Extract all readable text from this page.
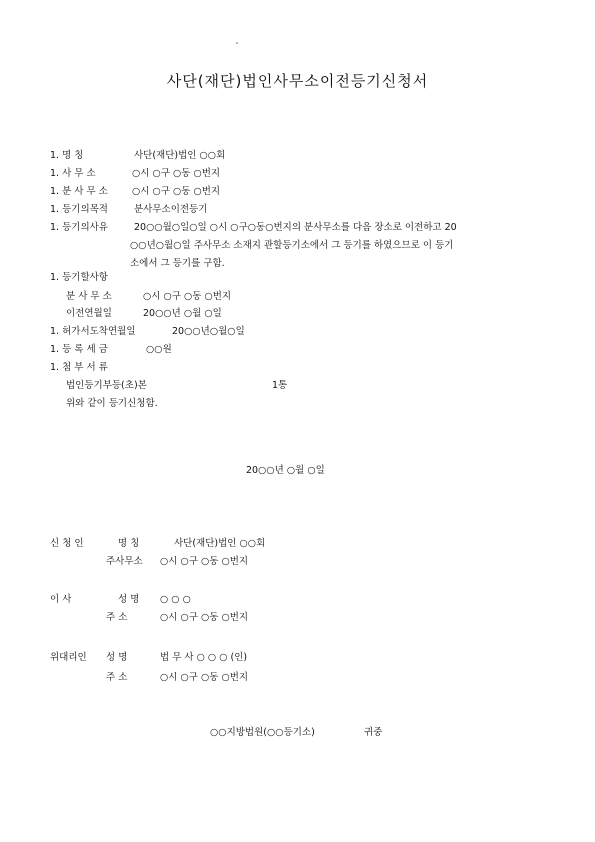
사단(재단)법인사무소이전등기신청서
1. 명 칭	사단(재단)법인 ○○회
1. 사 무 소	○시 ○구 ○동 ○번지
1. 분 사 무 소	○시 ○구 ○동 ○번지
1. 등기의목적	분사무소이전등기
1. 등기의사유	20○○월○일○일 ○시 ○구○동○번지의 분사무소를 다음 장소로 이전하고 20
○○년○월○일 주사무소 소재지 관할등기소에서 그 등기를 하였으므로 이 등기
소에서 그 등기를 구함.
1. 등기할사항
분 사 무 소	○시 ○구 ○동 ○번지
이전연월일	20○○년 ○월 ○일
1. 허가서도착연월일	20○○년○월○일
1. 등 록 세 금	○○원
1. 첨 부 서 류
법인등기부등(초)본	1통
위와 같이 등기신청함.
20○○년 ○월 ○일
신 청 인	명 칭	사단(재단)법인 ○○회
주사무소 ○시 ○구 ○동 ○번지
이 사	성 명 ○ ○ ○
주 소	○시 ○구 ○동 ○번지
위대리인 성 명	법 무 사 ○ ○ ○ (인)
주 소	○시 ○구 ○동 ○번지
○○지방법원(○○등기소)	귀중
